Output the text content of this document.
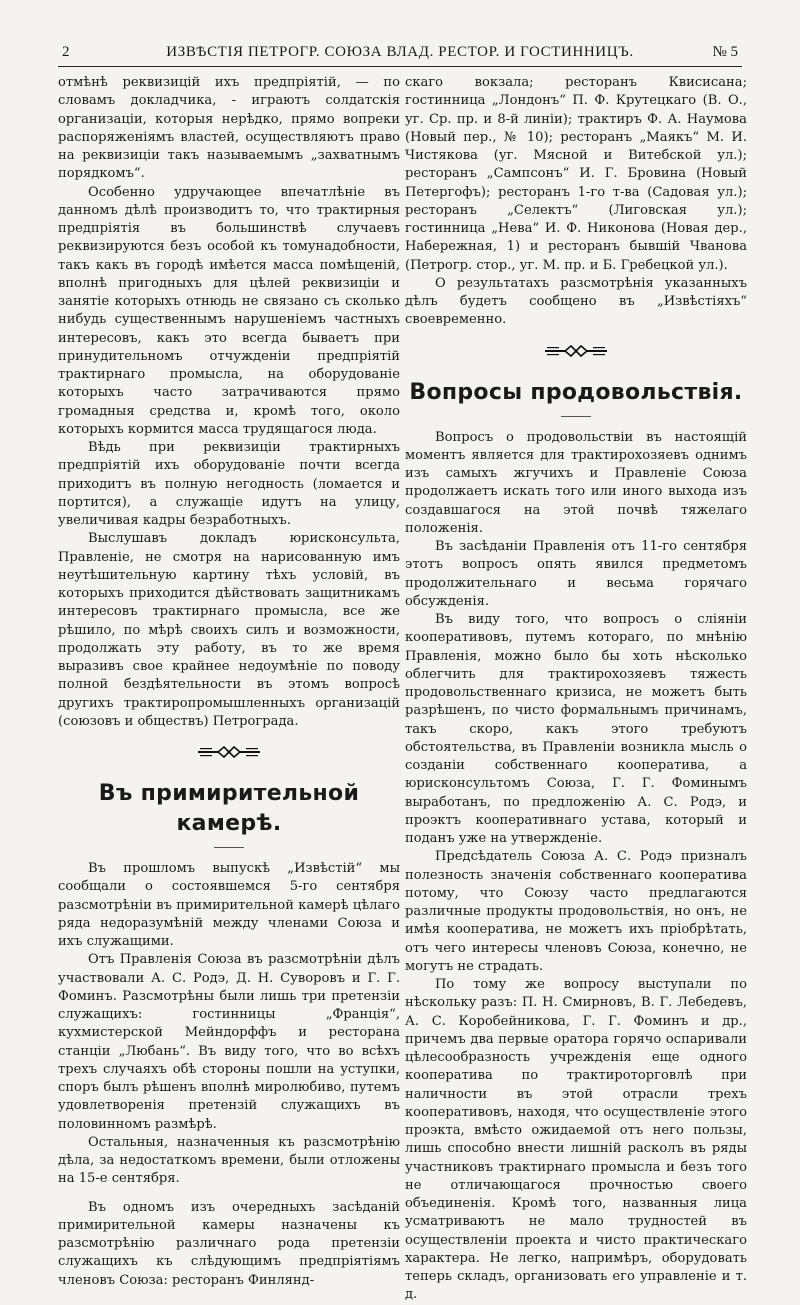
2	ИЗВѢСТІЯ ПЕТРОГР. СОЮЗА ВЛАД. РЕСТОР. И ГОСТИННИЦЪ.	№ 5

отмѣнѣ реквизицій ихъ предпріятій, — по словамъ докладчика, - играютъ солдатскія организаціи, которыя нерѣдко, прямо вопреки распоряженіямъ властей, осуществляютъ право на реквизиціи такъ называемымъ „захватнымъ порядкомъ“.

Особенно удручающее впечатлѣніе въ данномъ дѣлѣ производитъ то, что трактирныя предпріятія въ большинствѣ случаевъ реквизируются безъ особой къ томунадобности, такъ какъ въ городѣ имѣется масса помѣщеній, вполнѣ пригодныхъ для цѣлей реквизиціи и занятіе которыхъ отнюдь не связано съ сколько нибудь существеннымъ нарушеніемъ частныхъ интересовъ, какъ это всегда бываетъ при принудительномъ отчужденіи предпріятій трактирнаго промысла, на оборудованіе которыхъ часто затрачиваются прямо громадныя средства и, кромѣ того, около которыхъ кормится масса трудящагося люда.

Вѣдь при реквизиціи трактирныхъ предпріятій ихъ оборудованіе почти всегда приходитъ въ полную негодность (ломается и портится), а служащіе идутъ на улицу, увеличивая кадры безработныхъ.

Выслушавъ докладъ юрисконсульта, Правленіе, не смотря на нарисованную имъ неутѣшительную картину тѣхъ условій, въ которыхъ приходится дѣйствовать защитникамъ интересовъ трактирнаго промысла, все же рѣшило, по мѣрѣ своихъ силъ и возможности, продолжать эту работу, въ то же время выразивъ свое крайнее недоумѣніе по поводу полной бездѣятельности въ этомъ вопросѣ другихъ трактиропромышленныхъ организацій (союзовъ и обществъ) Петрограда.

Въ примирительной камерѣ.

Въ прошломъ выпускѣ „Извѣстій“ мы сообщали о состоявшемся 5-го сентября разсмотрѣніи въ примирительной камерѣ цѣлаго ряда недоразумѣній между членами Союза и ихъ служащими.

Отъ Правленія Союза въ разсмотрѣніи дѣлъ участвовали А. С. Родэ, Д. Н. Суворовъ и Г. Г. Фоминъ. Разсмотрѣны были лишь три претензіи служащихъ: гостинницы „Франція“, кухмистерской Мейндорффъ и ресторана станціи „Любань“. Въ виду того, что во всѣхъ трехъ случаяхъ обѣ стороны пошли на уступки, споръ былъ рѣшенъ вполнѣ миролюбиво, путемъ удовлетворенія претензій служащихъ въ половинномъ размѣрѣ.

Остальныя, назначенныя къ разсмотрѣнію дѣла, за недостаткомъ времени, были отложены на 15-е сентября.

Въ одномъ изъ очередныхъ засѣданій примирительной камеры назначены къ разсмотрѣнію различнаго рода претензіи служащихъ къ слѣдующимъ предпріятіямъ членовъ Союза: ресторанъ Финлянд-

скаго вокзала; ресторанъ Квисисана; гостинница „Лондонъ“ П. Ф. Крутецкаго (В. О., уг. Ср. пр. и 8-й линіи); трактиръ Ф. А. Наумова (Новый пер., № 10); ресторанъ „Маякъ“ М. И. Чистякова (уг. Мясной и Витебской ул.); ресторанъ „Сампсонъ“ И. Г. Бровина (Новый Петергофъ); ресторанъ 1-го т-ва (Садовая ул.); ресторанъ „Селектъ“ (Лиговская ул.); гостинница „Нева“ И. Ф. Никонова (Новая дер., Набережная, 1) и ресторанъ бывшій Чванова (Петрогр. стор., уг. М. пр. и Б. Гребецкой ул.).

О результатахъ разсмотрѣнія указанныхъ дѣлъ будетъ сообщено въ „Извѣстіяхъ“ своевременно.

Вопросы продовольствія.

Вопросъ о продовольствіи въ настоящій моментъ является для трактирохозяевъ однимъ изъ самыхъ жгучихъ и Правленіе Союза продолжаетъ искать того или иного выхода изъ создавшагося на этой почвѣ тяжелаго положенія.

Въ засѣданіи Правленія отъ 11-го сентября этотъ вопросъ опять явился предметомъ продолжительнаго и весьма горячаго обсужденія.

Въ виду того, что вопросъ о сліяніи кооперативовъ, путемъ котораго, по мнѣнію Правленія, можно было бы хоть нѣсколько облегчить для трактирохозяевъ тяжесть продовольственнаго кризиса, не можетъ быть разрѣшенъ, по чисто формальнымъ причинамъ, такъ скоро, какъ этого требуютъ обстоятельства, въ Правленіи возникла мысль о созданіи собственнаго кооператива, а юрисконсультомъ Союза, Г. Г. Фоминымъ выработанъ, по предложенію А. С. Родэ, и проэктъ кооперативнаго устава, который и поданъ уже на утвержденіе.

Предсѣдатель Союза А. С. Родэ призналъ полезность значенія собственнаго кооператива потому, что Союзу часто предлагаются различные продукты продовольствія, но онъ, не имѣя кооператива, не можетъ ихъ пріобрѣтать, отъ чего интересы членовъ Союза, конечно, не могутъ не страдать.

По тому же вопросу выступали по нѣскольку разъ: П. Н. Смирновъ, В. Г. Лебедевъ, А. С. Коробейникова, Г. Г. Фоминъ и др., причемъ два первые оратора горячо оспаривали цѣлесообразность учрежденія еще одного кооператива по трактироторговлѣ при наличности въ этой отрасли трехъ кооперативовъ, находя, что осуществленіе этого проэкта, вмѣсто ожидаемой отъ него пользы, лишь способно внести лишній расколъ въ ряды участниковъ трактирнаго промысла и безъ того не отличающагося прочностью своего объединенія. Кромѣ того, названныя лица усматриваютъ не мало трудностей въ осуществленіи проекта и чисто практическаго характера. Не легко, напримѣръ, оборудовать теперь складъ, организовать его управленіе и т. д.
